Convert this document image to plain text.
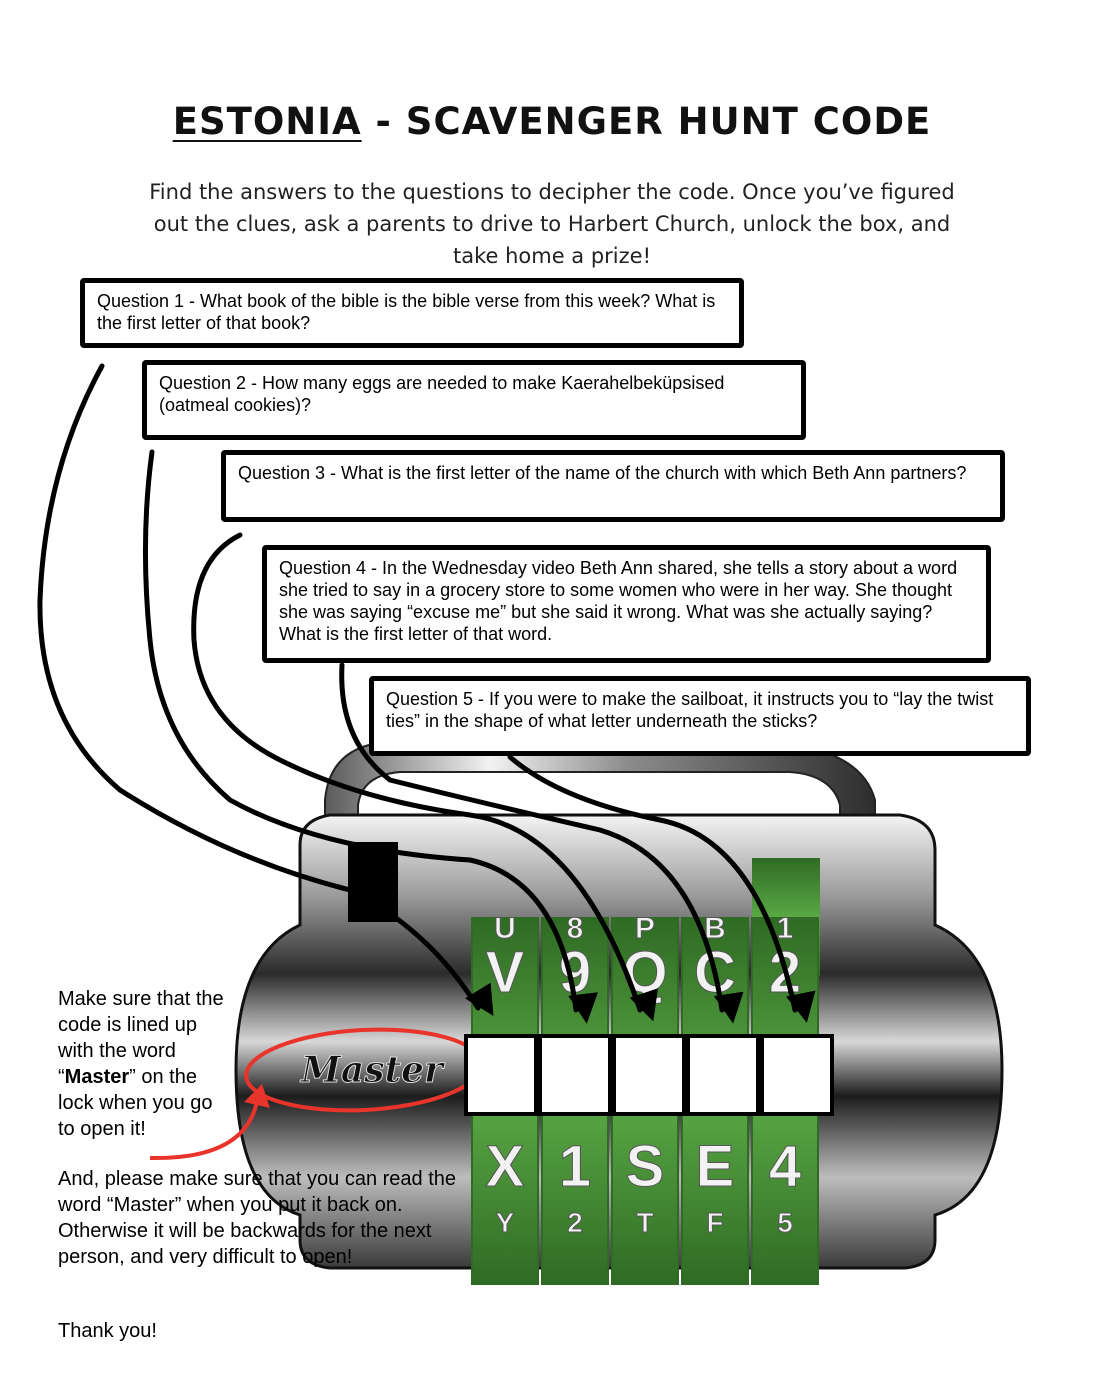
U
V
X
Y
8
9
1
2
P
Q
S
T
B
C
E
F
1
2
4
5
Master
ESTONIA - SCAVENGER HUNT CODE
Find the answers to the questions to decipher the code. Once you’ve figured out the clues, ask a parents to drive to Harbert Church, unlock the box, and take home a prize!
Question 1 - What book of the bible is the bible verse from this week? What is the first letter of that book?
Question 2 - How many eggs are needed to make Kaerahelbeküpsised (oatmeal cookies)?
Question 3 - What is the first letter of the name of the church with which Beth Ann partners?
Question 4 - In the Wednesday video Beth Ann shared, she tells a story about a word she tried to say in a grocery store to some women who were in her way. She thought she was saying “excuse me” but she said it wrong. What was she actually saying? What is the first letter of that word.
Question 5 - If you were to make the sailboat, it instructs you to “lay the twist ties” in the shape of what letter underneath the sticks?
Make sure that the code is lined up with the word “Master” on the lock when you go to open it!
And, please make sure that you can read the word “Master” when you put it back on. Otherwise it will be backwards for the next person, and very difficult to open!
Thank you!
